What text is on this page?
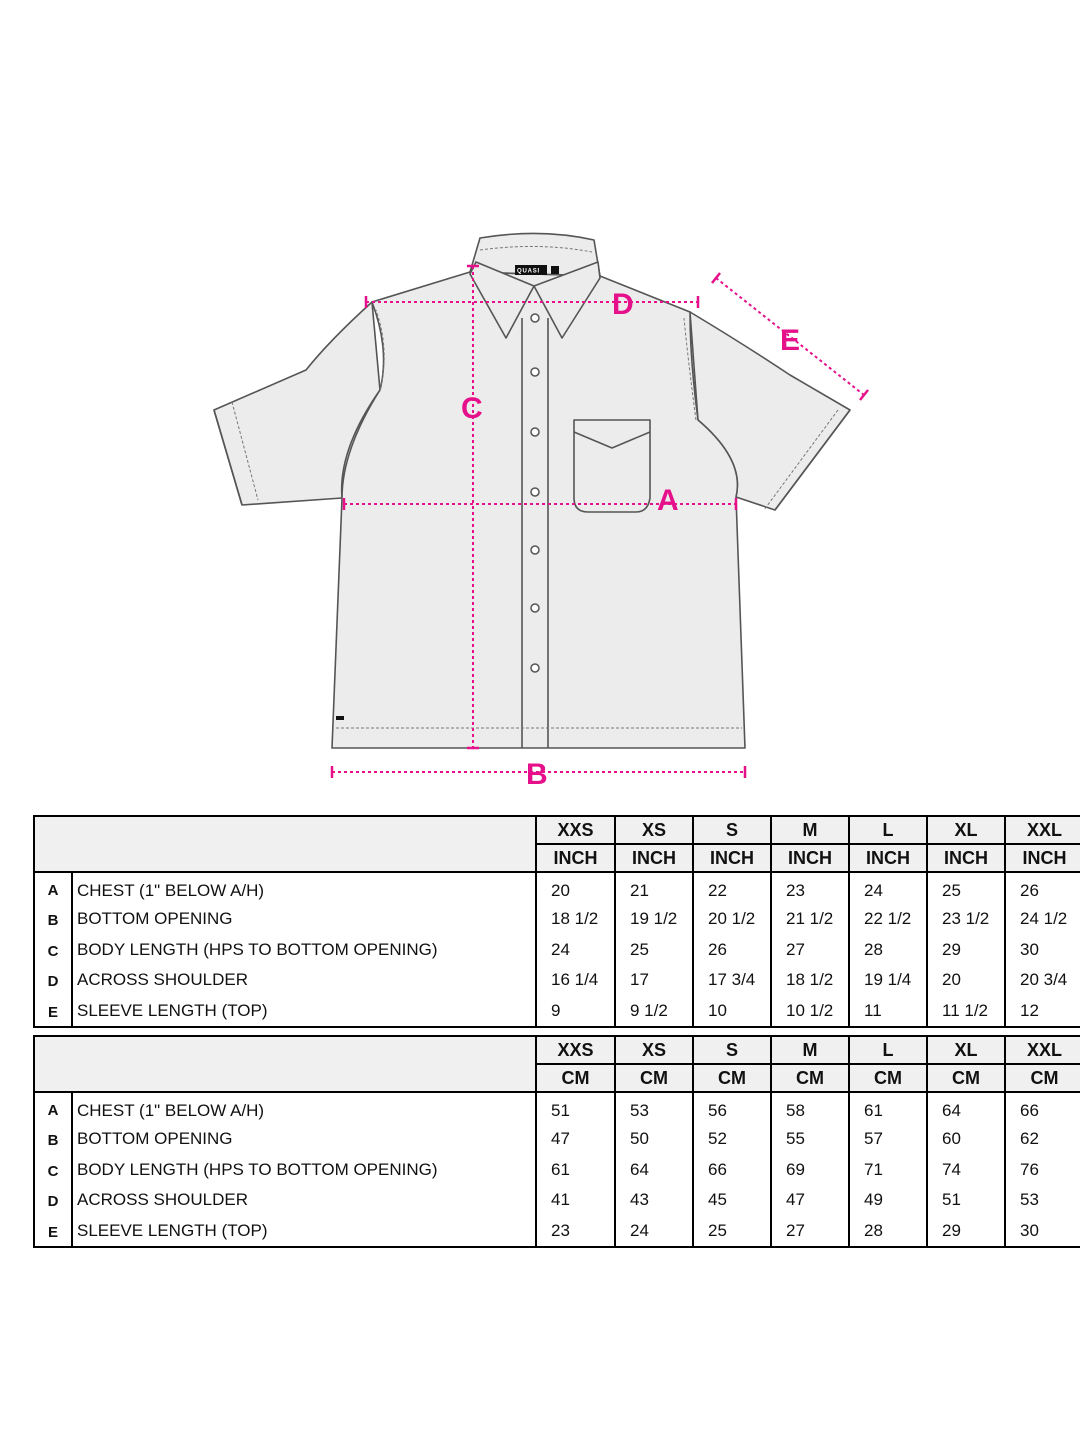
QUASI
D
E
C
A
B
		XXS	XS	S	M	L	XL	XXL
		INCH	INCH	INCH	INCH	INCH	INCH	INCH
A	CHEST (1" BELOW A/H)	20	21	22	23	24	25	26
B	BOTTOM OPENING	18 1/2	19 1/2	20 1/2	21 1/2	22 1/2	23 1/2	24 1/2
C	BODY LENGTH (HPS TO BOTTOM OPENING)	24	25	26	27	28	29	30
D	ACROSS SHOULDER	16 1/4	17	17 3/4	18 1/2	19 1/4	20	20 3/4
E	SLEEVE LENGTH (TOP)	9	9 1/2	10	10 1/2	11	11 1/2	12
		XXS	XS	S	M	L	XL	XXL
		CM	CM	CM	CM	CM	CM	CM
A	CHEST (1" BELOW A/H)	51	53	56	58	61	64	66
B	BOTTOM OPENING	47	50	52	55	57	60	62
C	BODY LENGTH (HPS TO BOTTOM OPENING)	61	64	66	69	71	74	76
D	ACROSS SHOULDER	41	43	45	47	49	51	53
E	SLEEVE LENGTH (TOP)	23	24	25	27	28	29	30
